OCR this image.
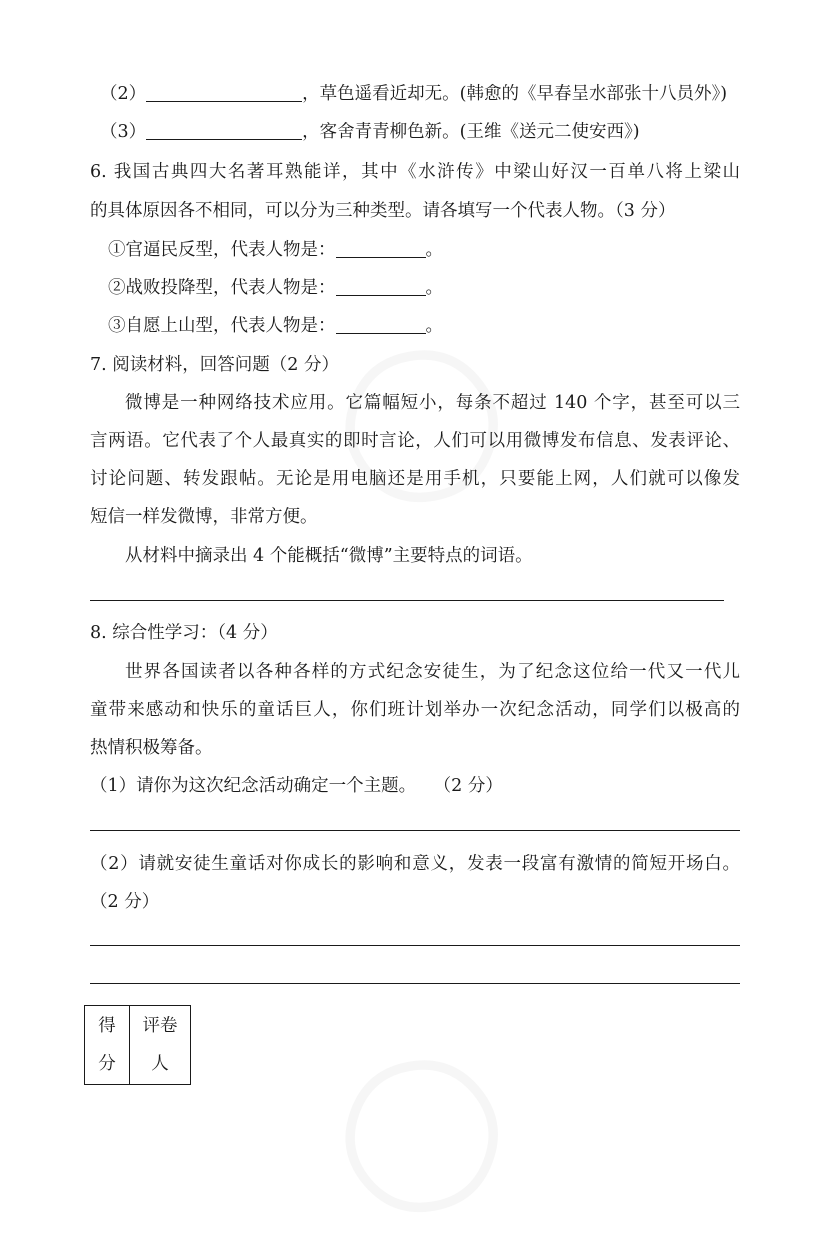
（2）	，草色遥看近却无。(韩愈的《早春呈水部张十八员外》)
（3）	，客舍青青柳色新。(王维《送元二使安西》)
6. 我国古典四大名著耳熟能详，其中《水浒传》中梁山好汉一百单八将上梁山
的具体原因各不相同，可以分为三种类型。请各填写一个代表人物。（3 分）
①官逼民反型，代表人物是：	。
②战败投降型，代表人物是：	。
③自愿上山型，代表人物是：	。
7. 阅读材料，回答问题（2 分）
微博是一种网络技术应用。它篇幅短小，每条不超过 140 个字，甚至可以三
言两语。它代表了个人最真实的即时言论，人们可以用微博发布信息、发表评论、
讨论问题、转发跟帖。无论是用电脑还是用手机，只要能上网，人们就可以像发
短信一样发微博，非常方便。
从材料中摘录出 4 个能概括“微博”主要特点的词语。
8. 综合性学习：（4 分）
世界各国读者以各种各样的方式纪念安徒生，为了纪念这位给一代又一代儿
童带来感动和快乐的童话巨人，你们班计划举办一次纪念活动，同学们以极高的
热情积极筹备。
（1）请你为这次纪念活动确定一个主题。　　（2 分）
（2）请就安徒生童话对你成长的影响和意义，发表一段富有激情的简短开场白。
（2 分）
得
分

评卷
人
